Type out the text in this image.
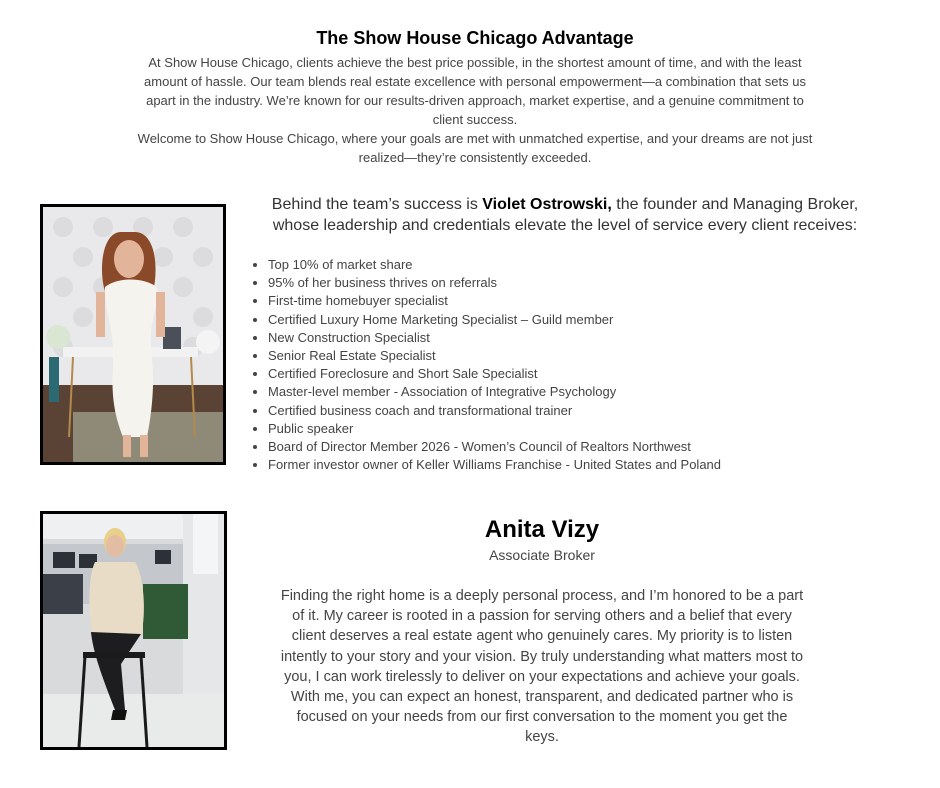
The Show House Chicago Advantage

At Show House Chicago, clients achieve the best price possible, in the shortest amount of time, and with the least amount of hassle. Our team blends real estate excellence with personal empowerment—a combination that sets us apart in the industry. We’re known for our results-driven approach, market expertise, and a genuine commitment to client success.

Welcome to Show House Chicago, where your goals are met with unmatched expertise, and your dreams are not just realized—they’re consistently exceeded.

Behind the team’s success is Violet Ostrowski, the founder and Managing Broker, whose leadership and credentials elevate the level of service every client receives:
• Top 10% of market share
• 95% of her business thrives on referrals
• First-time homebuyer specialist
• Certified Luxury Home Marketing Specialist – Guild member
• New Construction Specialist
• Senior Real Estate Specialist
• Certified Foreclosure and Short Sale Specialist
• Master-level member - Association of Integrative Psychology
• Certified business coach and transformational trainer
• Public speaker
• Board of Director Member 2026 - Women’s Council of Realtors Northwest
• Former investor owner of Keller Williams Franchise - United States and Poland
Anita Vizy
Associate Broker

Finding the right home is a deeply personal process, and I’m honored to be a part of it. My career is rooted in a passion for serving others and a belief that every client deserves a real estate agent who genuinely cares. My priority is to listen intently to your story and your vision. By truly understanding what matters most to you, I can work tirelessly to deliver on your expectations and achieve your goals. With me, you can expect an honest, transparent, and dedicated partner who is focused on your needs from our first conversation to the moment you get the keys.
